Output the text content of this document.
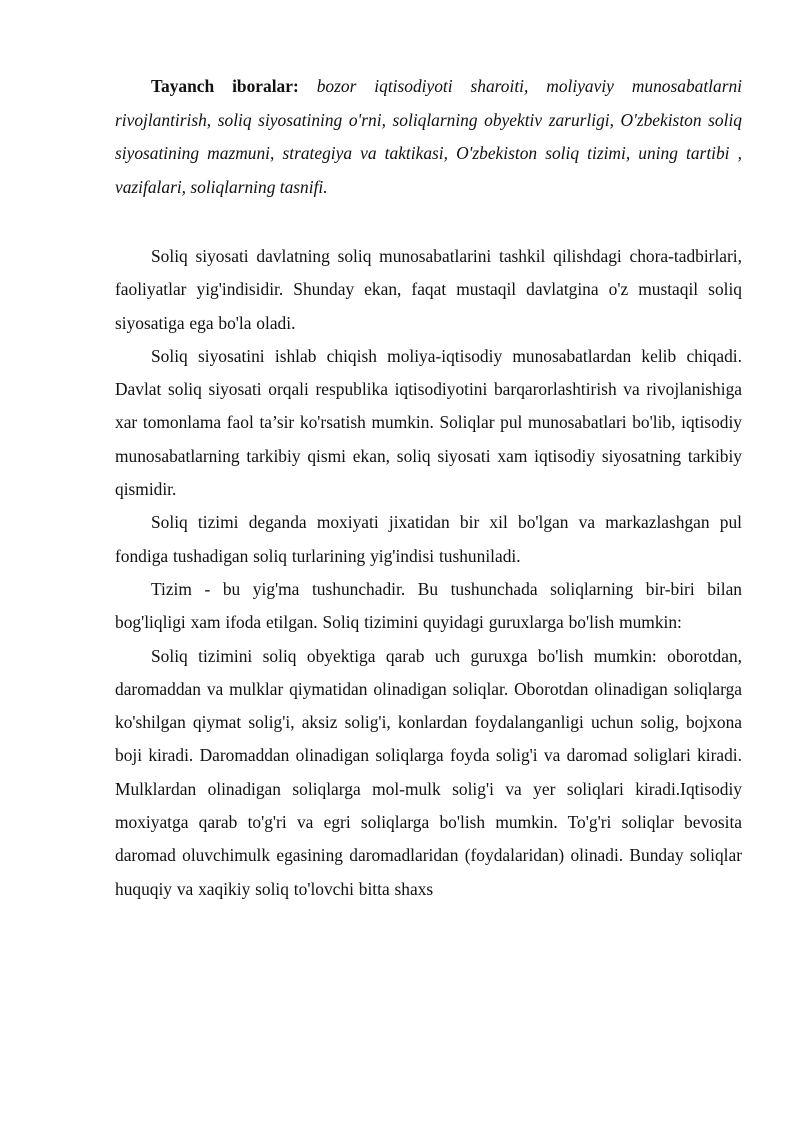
Tayanch iboralar: bozor iqtisodiyoti sharoiti, moliyaviy munosabatlarni rivojlantirish, soliq siyosatining o'rni, soliqlarning obyektiv zarurligi, O'zbekiston soliq siyosatining mazmuni, strategiya va taktikasi, O'zbekiston soliq tizimi, uning tartibi , vazifalari, soliqlarning tasnifi.

Soliq siyosati davlatning soliq munosabatlarini tashkil qilishdagi chora-tadbirlari, faoliyatlar yig'indisidir. Shunday ekan, faqat mustaqil davlatgina o'z mustaqil soliq siyosatiga ega bo'la oladi.

Soliq siyosatini ishlab chiqish moliya-iqtisodiy munosabatlardan kelib chiqadi. Davlat soliq siyosati orqali respublika iqtisodiyotini barqarorlashtirish va rivojlanishiga xar tomonlama faol ta’sir ko'rsatish mumkin. Soliqlar pul munosabatlari bo'lib, iqtisodiy munosabatlarning tarkibiy qismi ekan, soliq siyosati xam iqtisodiy siyosatning tarkibiy qismidir.

Soliq tizimi deganda moxiyati jixatidan bir xil bo'lgan va markazlashgan pul fondiga tushadigan soliq turlarining yig'indisi tushuniladi.

Tizim - bu yig'ma tushunchadir. Bu tushunchada soliqlarning bir-biri bilan bog'liqligi xam ifoda etilgan. Soliq tizimini quyidagi guruxlarga bo'lish mumkin:

Soliq tizimini soliq obyektiga qarab uch guruxga bo'lish mumkin: oborotdan, daromaddan va mulklar qiymatidan olinadigan soliqlar. Oborotdan olinadigan soliqlarga ko'shilgan qiymat solig'i, aksiz solig'i, konlardan foydalanganligi uchun solig, bojxona boji kiradi. Daromaddan olinadigan soliqlarga foyda solig'i va daromad soliglari kiradi. Mulklardan olinadigan soliqlarga mol-mulk solig'i va yer soliqlari kiradi.Iqtisodiy moxiyatga qarab to'g'ri va egri soliqlarga bo'lish mumkin. To'g'ri soliqlar bevosita daromad oluvchimulk egasining daromadlaridan (foydalaridan) olinadi. Bunday soliqlar huquqiy va xaqikiy soliq to'lovchi bitta shaxs
